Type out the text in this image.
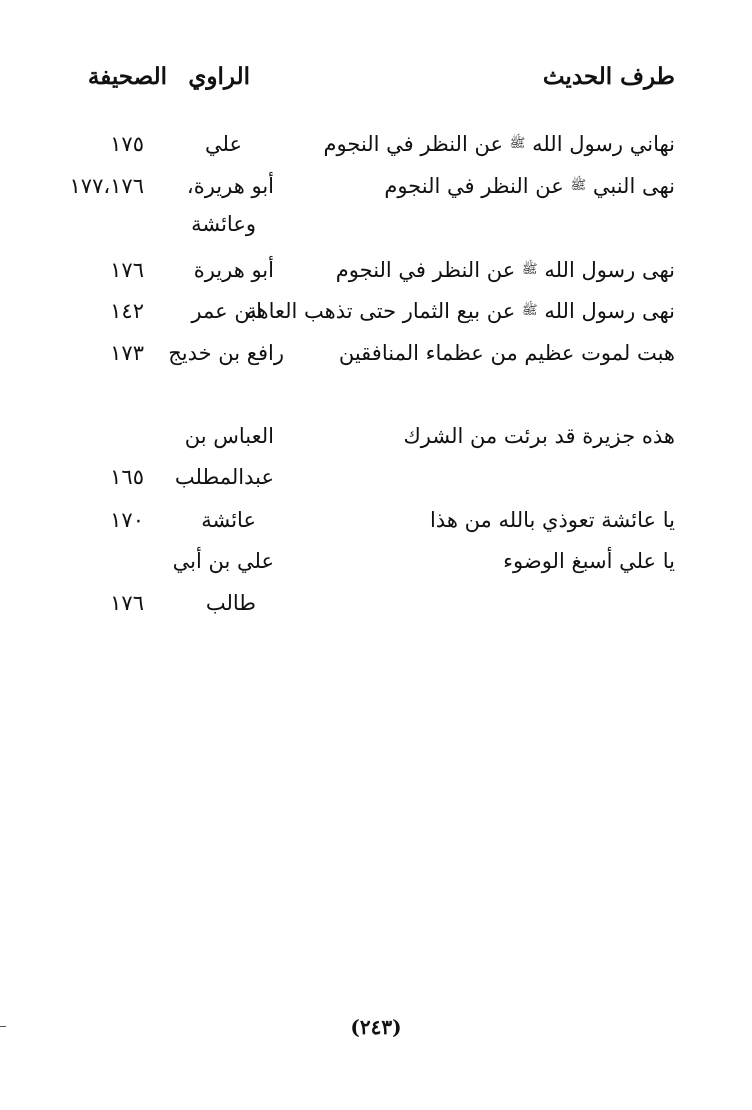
طرف الحديث
الراوي
الصحيفة
نهاني رسول الله ﷺ عن النظر في النجوم
علي
١٧٥
نهى النبي ﷺ عن النظر في النجوم
أبو هريرة،
وعائشة
١٧٧،١٧٦
نهى رسول الله ﷺ عن النظر في النجوم
أبو هريرة
١٧٦
نهى رسول الله ﷺ عن بيع الثمار حتى تذهب العاهة
ابن عمر
١٤٢
هبت لموت عظيم من عظماء المنافقين
رافع بن خديج
١٧٣
هذه جزيرة قد برئت من الشرك
العباس بن
عبدالمطلب
١٦٥
يا عائشة تعوذي بالله من هذا
عائشة
١٧٠
يا علي أسبغ الوضوء
علي بن أبي
طالب
١٧٦
(٢٤٣)
